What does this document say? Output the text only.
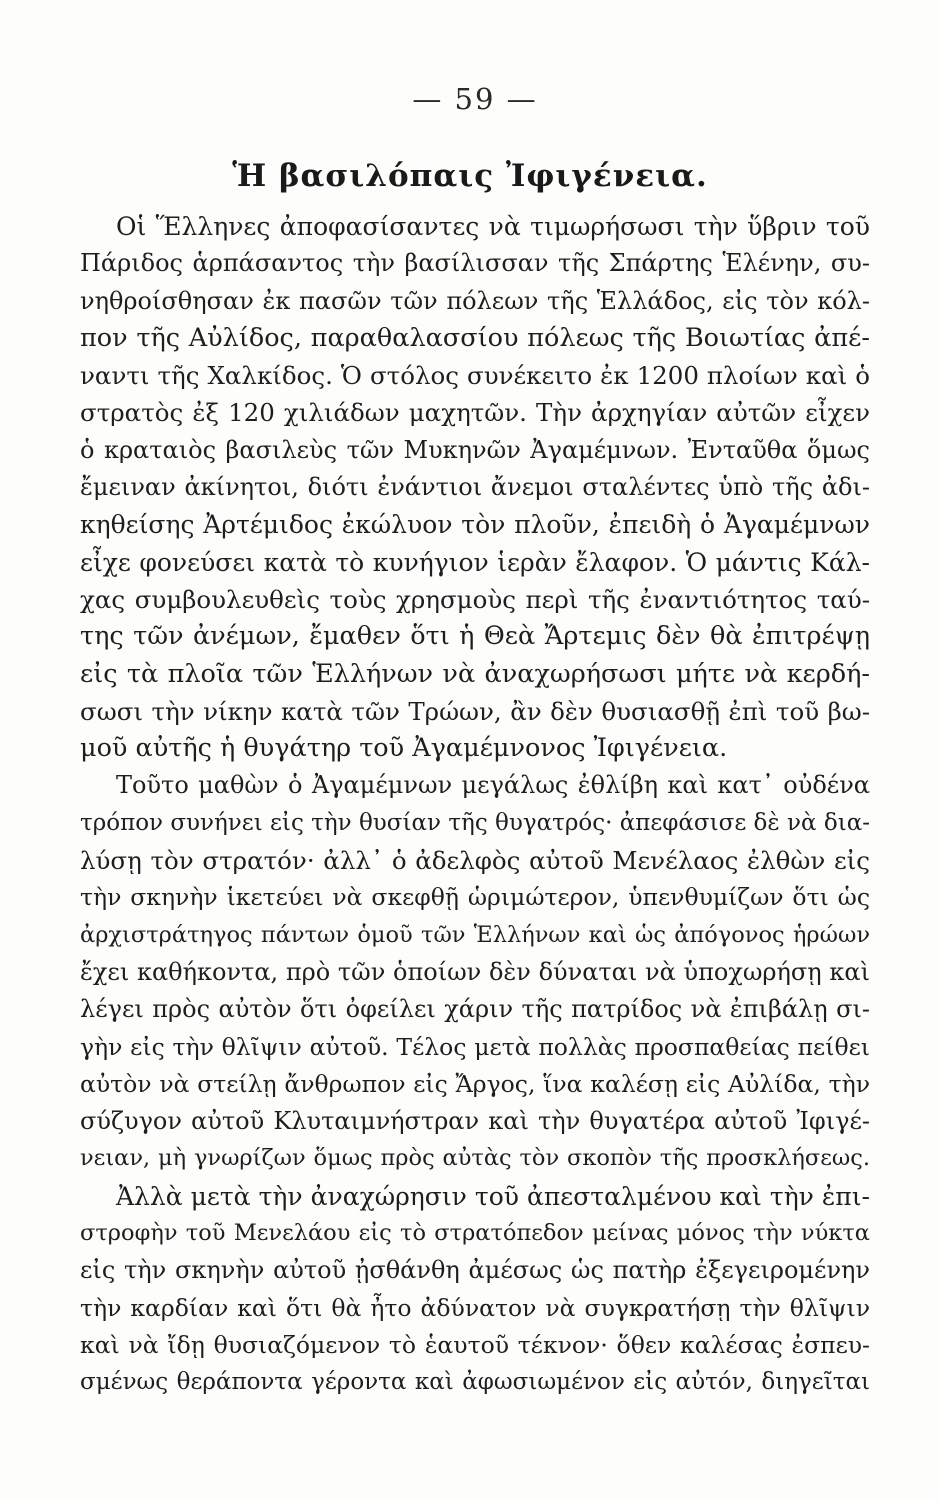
— 59 —
Ἡ βασιλόπαις Ἰφιγένεια.
Οἱ Ἕλληνες ἀποφασίσαντες νὰ τιμωρήσωσι τὴν ὕβριν τοῦ
Πάριδος ἁρπάσαντος τὴν βασίλισσαν τῆς Σπάρτης Ἑλένην, συ-
νηθροίσθησαν ἐκ πασῶν τῶν πόλεων τῆς Ἑλλάδος, εἰς τὸν κόλ-
πον τῆς Αὐλίδος, παραθαλασσίου πόλεως τῆς Βοιωτίας ἀπέ-
ναντι τῆς Χαλκίδος. Ὁ στόλος συνέκειτο ἐκ 1200 πλοίων καὶ ὁ
στρατὸς ἐξ 120 χιλιάδων μαχητῶν. Τὴν ἀρχηγίαν αὐτῶν εἶχεν
ὁ κραταιὸς βασιλεὺς τῶν Μυκηνῶν Ἀγαμέμνων. Ἐνταῦθα ὅμως
ἔμειναν ἀκίνητοι, διότι ἐνάντιοι ἄνεμοι σταλέντες ὑπὸ τῆς ἀδι-
κηθείσης Ἀρτέμιδος ἐκώλυον τὸν πλοῦν, ἐπειδὴ ὁ Ἀγαμέμνων
εἶχε φονεύσει κατὰ τὸ κυνήγιον ἱερὰν ἔλαφον. Ὁ μάντις Κάλ-
χας συμβουλευθεὶς τοὺς χρησμοὺς περὶ τῆς ἐναντιότητος ταύ-
της τῶν ἀνέμων, ἔμαθεν ὅτι ἡ Θεὰ Ἄρτεμις δὲν θὰ ἐπιτρέψῃ
εἰς τὰ πλοῖα τῶν Ἑλλήνων νὰ ἀναχωρήσωσι μήτε νὰ κερδή-
σωσι τὴν νίκην κατὰ τῶν Τρώων, ἂν δὲν θυσιασθῇ ἐπὶ τοῦ βω-
μοῦ αὐτῆς ἡ θυγάτηρ τοῦ Ἀγαμέμνονος Ἰφιγένεια.
Τοῦτο μαθὼν ὁ Ἀγαμέμνων μεγάλως ἐθλίβη καὶ κατ᾽ οὐδένα
τρόπον συνήνει εἰς τὴν θυσίαν τῆς θυγατρός· ἀπεφάσισε δὲ νὰ δια-
λύσῃ τὸν στρατόν· ἀλλ᾽ ὁ ἀδελφὸς αὐτοῦ Μενέλαος ἐλθὼν εἰς
τὴν σκηνὴν ἱκετεύει νὰ σκεφθῇ ὡριμώτερον, ὑπενθυμίζων ὅτι ὡς
ἀρχιστράτηγος πάντων ὁμοῦ τῶν Ἑλλήνων καὶ ὡς ἀπόγονος ἡρώων
ἔχει καθήκοντα, πρὸ τῶν ὁποίων δὲν δύναται νὰ ὑποχωρήσῃ καὶ
λέγει πρὸς αὐτὸν ὅτι ὀφείλει χάριν τῆς πατρίδος νὰ ἐπιβάλῃ σι-
γὴν εἰς τὴν θλῖψιν αὐτοῦ. Τέλος μετὰ πολλὰς προσπαθείας πείθει
αὐτὸν νὰ στείλῃ ἄνθρωπον εἰς Ἄργος, ἵνα καλέσῃ εἰς Αὐλίδα, τὴν
σύζυγον αὐτοῦ Κλυταιμνήστραν καὶ τὴν θυγατέρα αὐτοῦ Ἰφιγέ-
νειαν, μὴ γνωρίζων ὅμως πρὸς αὐτὰς τὸν σκοπὸν τῆς προσκλήσεως.
Ἀλλὰ μετὰ τὴν ἀναχώρησιν τοῦ ἀπεσταλμένου καὶ τὴν ἐπι-
στροφὴν τοῦ Μενελάου εἰς τὸ στρατόπεδον μείνας μόνος τὴν νύκτα
εἰς τὴν σκηνὴν αὐτοῦ ᾐσθάνθη ἀμέσως ὡς πατὴρ ἐξεγειρομένην
τὴν καρδίαν καὶ ὅτι θὰ ἦτο ἀδύνατον νὰ συγκρατήσῃ τὴν θλῖψιν
καὶ νὰ ἴδῃ θυσιαζόμενον τὸ ἑαυτοῦ τέκνον· ὅθεν καλέσας ἐσπευ-
σμένως θεράποντα γέροντα καὶ ἀφωσιωμένον εἰς αὐτόν, διηγεῖται
